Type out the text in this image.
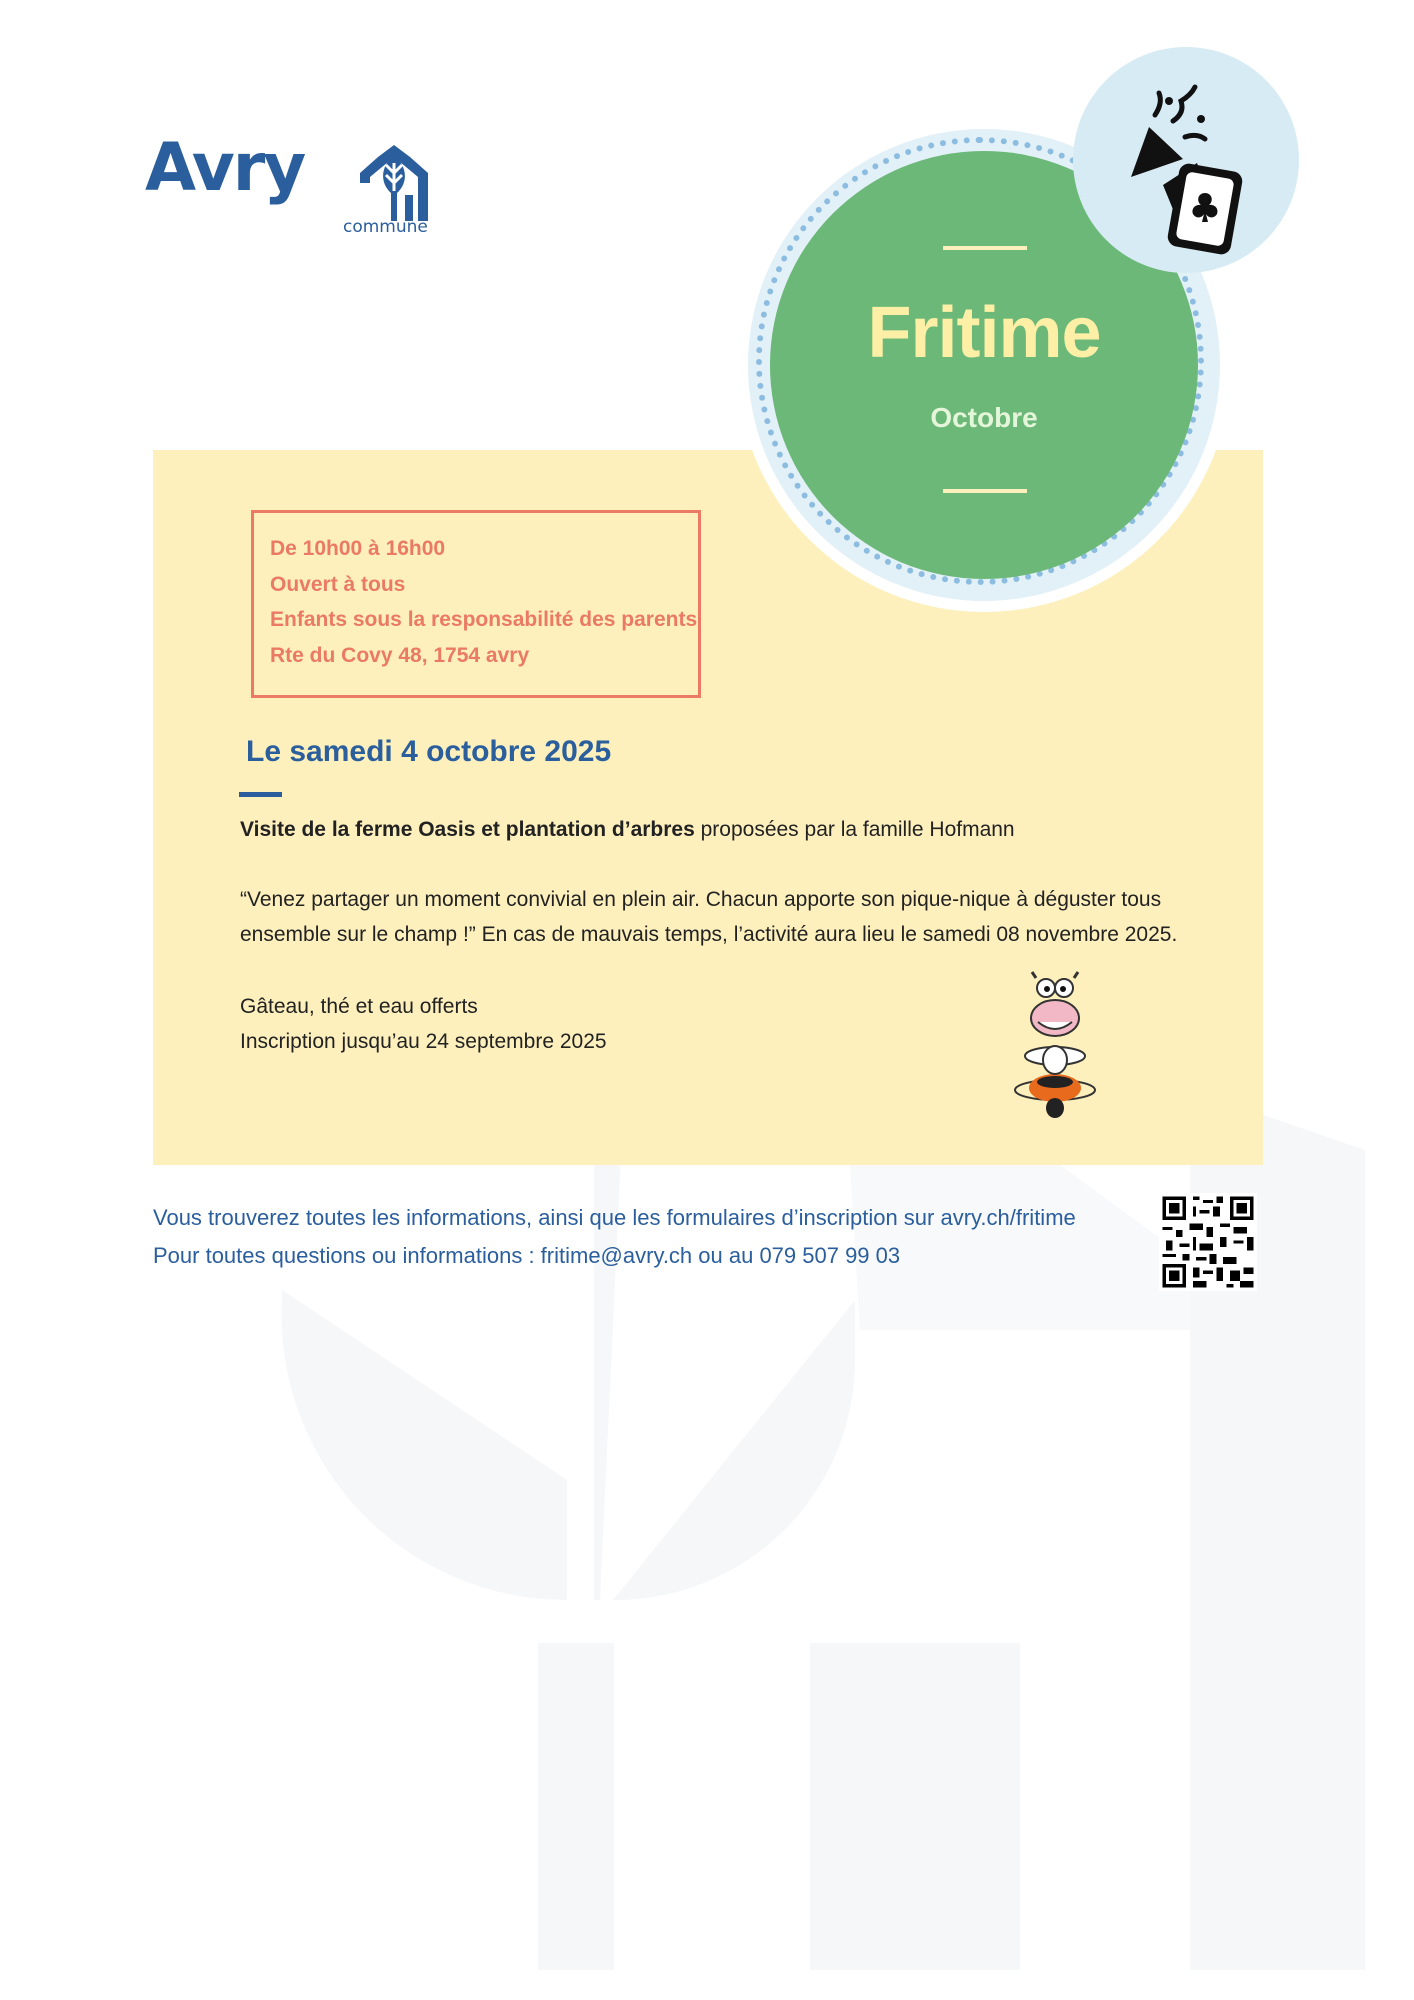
Avry
commune
Fritime
Octobre
De 10h00 à 16h00
Ouvert à tous
Enfants sous la responsabilité des parents
Rte du Covy 48, 1754 avry
Le samedi 4 octobre 2025
Visite de la ferme Oasis et plantation d’arbres proposées par la famille Hofmann
“Venez partager un moment convivial en plein air. Chacun apporte son pique-nique à déguster tous
ensemble sur le champ !” En cas de mauvais temps, l’activité aura lieu le samedi 08 novembre 2025.
Gâteau, thé et eau offerts
Inscription jusqu’au 24 septembre 2025
Vous trouverez toutes les informations, ainsi que les formulaires d’inscription sur avry.ch/fritime
Pour toutes questions ou informations : fritime@avry.ch ou au 079 507 99 03
